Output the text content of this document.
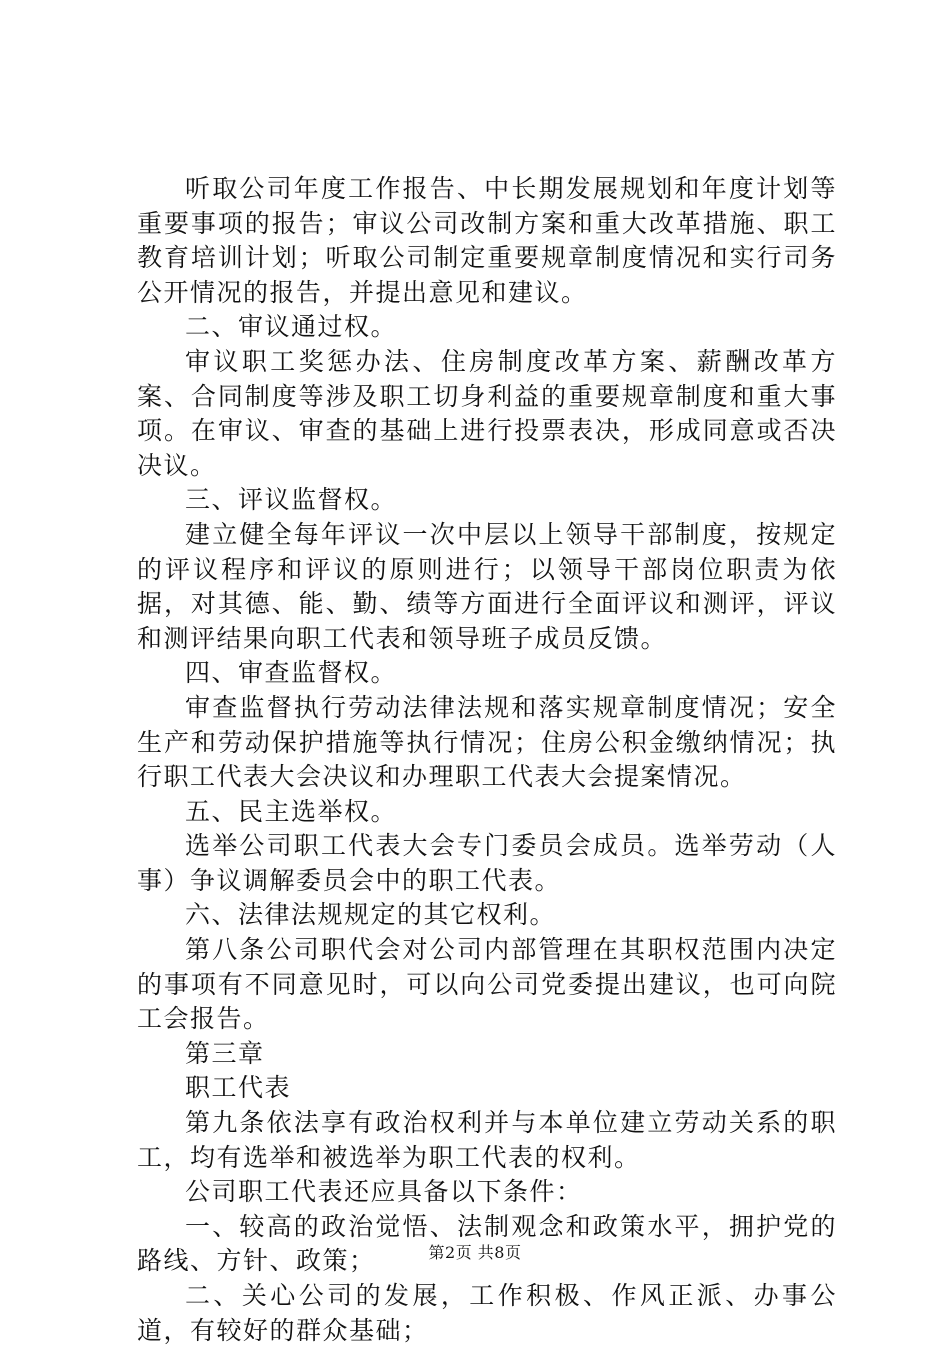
听取公司年度工作报告、中长期发展规划和年度计划等重要事项的报告；审议公司改制方案和重大改革措施、职工教育培训计划；听取公司制定重要规章制度情况和实行司务公开情况的报告，并提出意见和建议。

二、审议通过权。

审议职工奖惩办法、住房制度改革方案、薪酬改革方案、合同制度等涉及职工切身利益的重要规章制度和重大事项。在审议、审查的基础上进行投票表决，形成同意或否决决议。

三、评议监督权。

建立健全每年评议一次中层以上领导干部制度，按规定的评议程序和评议的原则进行；以领导干部岗位职责为依据，对其德、能、勤、绩等方面进行全面评议和测评，评议和测评结果向职工代表和领导班子成员反馈。

四、审查监督权。

审查监督执行劳动法律法规和落实规章制度情况；安全生产和劳动保护措施等执行情况；住房公积金缴纳情况；执行职工代表大会决议和办理职工代表大会提案情况。

五、民主选举权。

选举公司职工代表大会专门委员会成员。选举劳动（人事）争议调解委员会中的职工代表。

六、法律法规规定的其它权利。

第八条公司职代会对公司内部管理在其职权范围内决定的事项有不同意见时，可以向公司党委提出建议，也可向院工会报告。

第三章

职工代表

第九条依法享有政治权利并与本单位建立劳动关系的职工，均有选举和被选举为职工代表的权利。

公司职工代表还应具备以下条件：

一、较高的政治觉悟、法制观念和政策水平，拥护党的路线、方针、政策；

二、关心公司的发展，工作积极、作风正派、办事公道，有较好的群众基础；

第2页 共8页
